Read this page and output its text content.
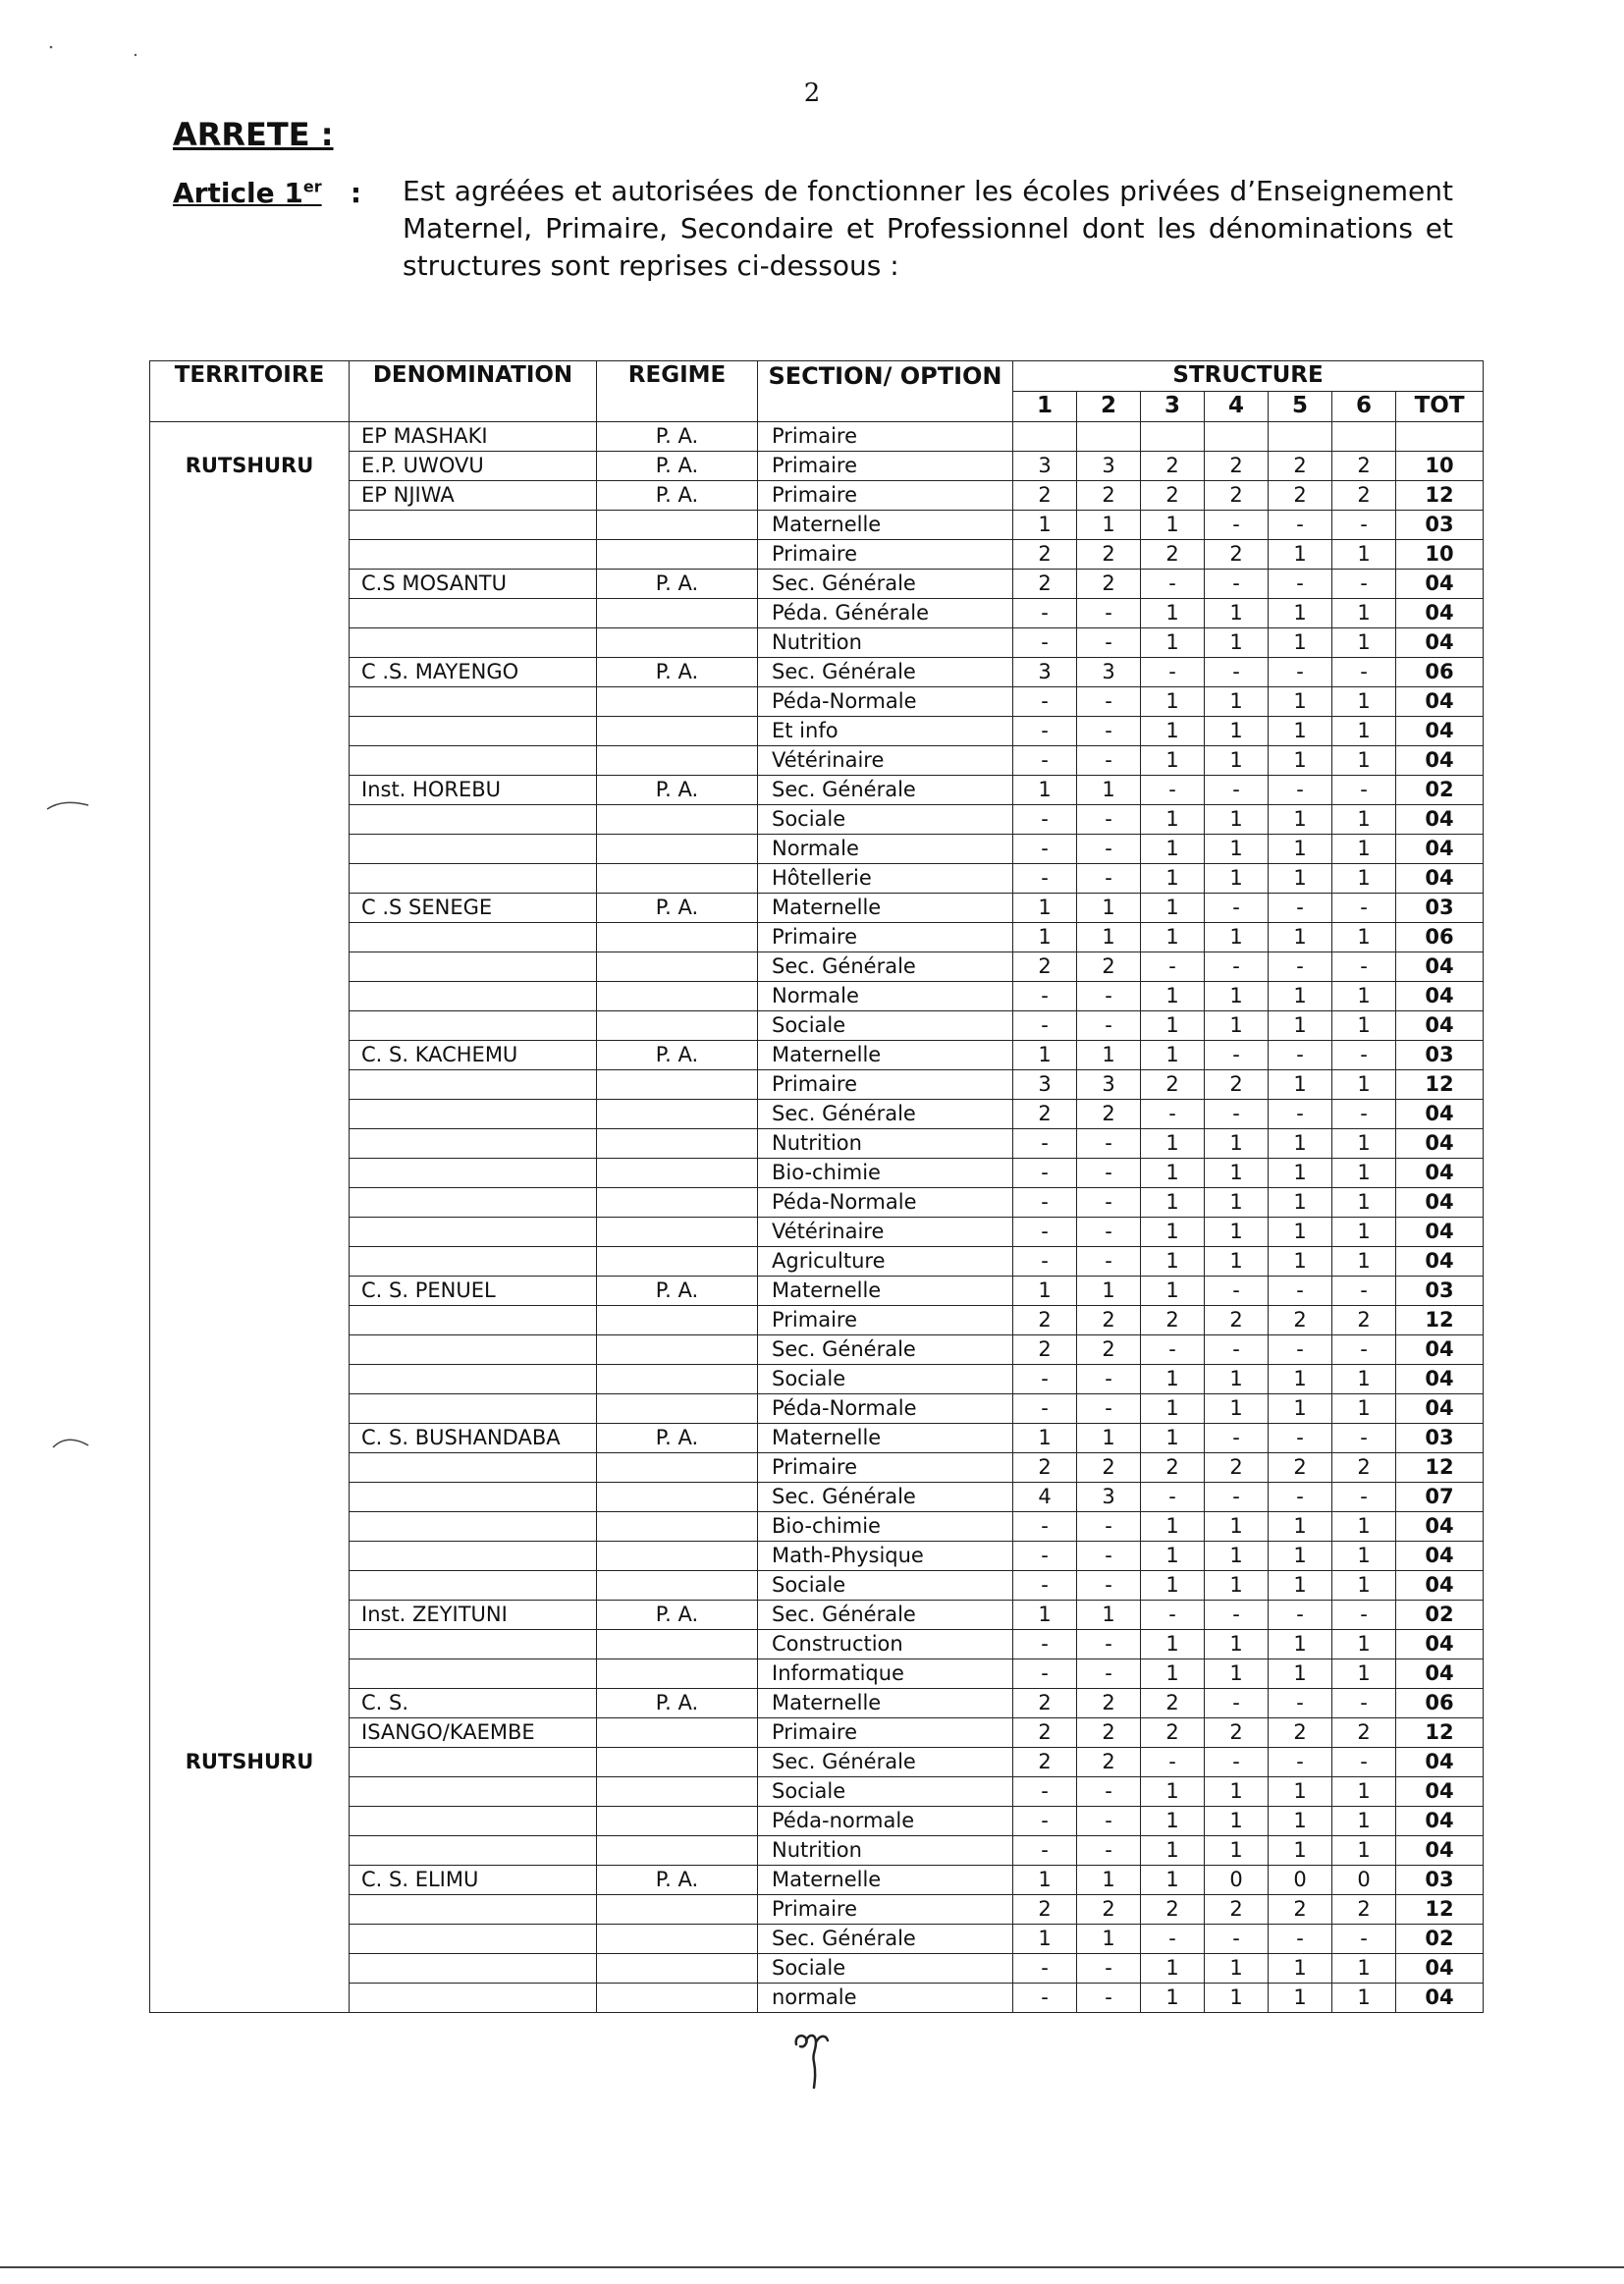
2
ARRETE :
Article 1er : Est agréées et autorisées de fonctionner les écoles privées d’Enseignement Maternel, Primaire, Secondaire et Professionnel dont les dénominations et structures sont reprises ci-dessous :
TERRITOIRE	DENOMINATION	REGIME	SECTION/ OPTION	STRUCTURE						
				1	2	3	4	5	6	TOT
	EP MASHAKI	P. A.	Primaire							
RUTSHURU	E.P. UWOVU	P. A.	Primaire	3	3	2	2	2	2	10
	EP NJIWA	P. A.	Primaire	2	2	2	2	2	2	12
			Maternelle	1	1	1	-	-	-	03
			Primaire	2	2	2	2	1	1	10
	C.S MOSANTU	P. A.	Sec. Générale	2	2	-	-	-	-	04
			Péda. Générale	-	-	1	1	1	1	04
			Nutrition	-	-	1	1	1	1	04
	C .S. MAYENGO	P. A.	Sec. Générale	3	3	-	-	-	-	06
			Péda-Normale	-	-	1	1	1	1	04
			Et info	-	-	1	1	1	1	04
			Vétérinaire	-	-	1	1	1	1	04
	Inst. HOREBU	P. A.	Sec. Générale	1	1	-	-	-	-	02
			Sociale	-	-	1	1	1	1	04
			Normale	-	-	1	1	1	1	04
			Hôtellerie	-	-	1	1	1	1	04
	C .S SENEGE	P. A.	Maternelle	1	1	1	-	-	-	03
			Primaire	1	1	1	1	1	1	06
			Sec. Générale	2	2	-	-	-	-	04
			Normale	-	-	1	1	1	1	04
			Sociale	-	-	1	1	1	1	04
	C. S. KACHEMU	P. A.	Maternelle	1	1	1	-	-	-	03
			Primaire	3	3	2	2	1	1	12
			Sec. Générale	2	2	-	-	-	-	04
			Nutrition	-	-	1	1	1	1	04
			Bio-chimie	-	-	1	1	1	1	04
			Péda-Normale	-	-	1	1	1	1	04
			Vétérinaire	-	-	1	1	1	1	04
			Agriculture	-	-	1	1	1	1	04
	C. S. PENUEL	P. A.	Maternelle	1	1	1	-	-	-	03
			Primaire	2	2	2	2	2	2	12
			Sec. Générale	2	2	-	-	-	-	04
			Sociale	-	-	1	1	1	1	04
			Péda-Normale	-	-	1	1	1	1	04
	C. S. BUSHANDABA	P. A.	Maternelle	1	1	1	-	-	-	03
			Primaire	2	2	2	2	2	2	12
			Sec. Générale	4	3	-	-	-	-	07
			Bio-chimie	-	-	1	1	1	1	04
			Math-Physique	-	-	1	1	1	1	04
			Sociale	-	-	1	1	1	1	04
	Inst. ZEYITUNI	P. A.	Sec. Générale	1	1	-	-	-	-	02
			Construction	-	-	1	1	1	1	04
			Informatique	-	-	1	1	1	1	04
	C. S.	P. A.	Maternelle	2	2	2	-	-	-	06
	ISANGO/KAEMBE		Primaire	2	2	2	2	2	2	12
RUTSHURU			Sec. Générale	2	2	-	-	-	-	04
			Sociale	-	-	1	1	1	1	04
			Péda-normale	-	-	1	1	1	1	04
			Nutrition	-	-	1	1	1	1	04
	C. S. ELIMU	P. A.	Maternelle	1	1	1	0	0	0	03
			Primaire	2	2	2	2	2	2	12
			Sec. Générale	1	1	-	-	-	-	02
			Sociale	-	-	1	1	1	1	04
			normale	-	-	1	1	1	1	04
